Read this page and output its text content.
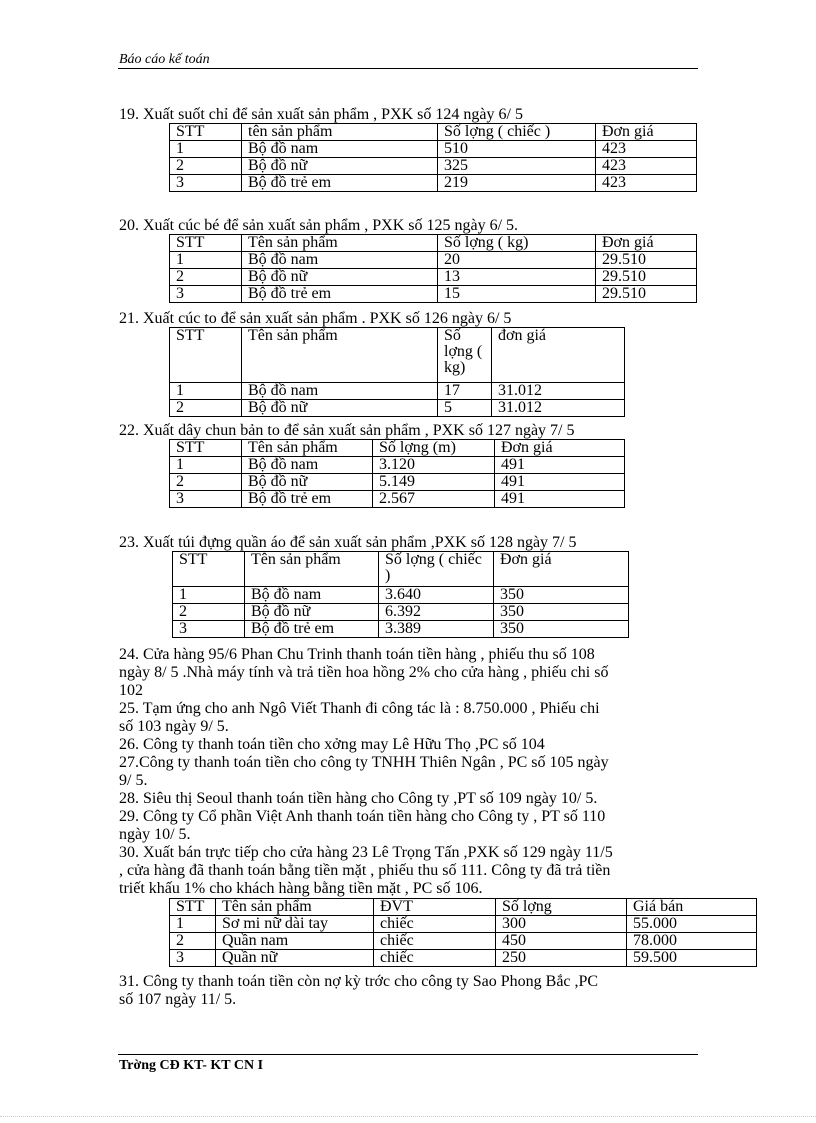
Báo cáo kế toán
19. Xuất suốt chỉ để sản xuất sản phẩm , PXK số 124 ngày 6/ 5
STT	tên sản phẩm	Số lợng ( chiếc )	Đơn giá
1	Bộ đồ nam	510	423
2	Bộ đồ nữ	325	423
3	Bộ đồ trẻ em	219	423
20. Xuất cúc bé để sản xuất sản phẩm , PXK số 125 ngày 6/ 5.
STT	Tên sản phẩm	Số lợng ( kg)	Đơn giá
1	Bộ đồ nam	20	29.510
2	Bộ đồ nữ	13	29.510
3	Bộ đồ trẻ em	15	29.510
21. Xuất cúc to để sản xuất sản phẩm . PXK số 126 ngày 6/ 5
STT	Tên sản phẩm	Số lợng ( kg)	đơn giá
1	Bộ đồ nam	17	31.012
2	Bộ đồ nữ	5	31.012
22. Xuất dây chun bản to để sản xuất sản phẩm , PXK số 127 ngày 7/ 5
STT	Tên sản phẩm	Số lợng (m)	Đơn giá
1	Bộ đồ nam	3.120	491
2	Bộ đồ nữ	5.149	491
3	Bộ đồ trẻ em	2.567	491
23. Xuất túi đựng quần áo để sản xuất sản phẩm ,PXK số 128 ngày 7/ 5
STT	Tên sản phẩm	Số lợng ( chiếc )	Đơn giá
1	Bộ đồ nam	3.640	350
2	Bộ đồ nữ	6.392	350
3	Bộ đồ trẻ em	3.389	350
24. Cửa hàng 95/6 Phan Chu Trinh thanh toán tiền hàng , phiếu thu số 108
ngày 8/ 5 .Nhà máy tính và trả tiền hoa hồng 2% cho cửa hàng , phiếu chi số
102
25. Tạm ứng cho anh Ngô Viết Thanh đi công tác là : 8.750.000 , Phiếu chi
số 103 ngày 9/ 5.
26. Công ty thanh toán tiền cho xởng may Lê Hữu Thọ ,PC số 104
27.Công ty thanh toán tiền cho công ty TNHH Thiên Ngân , PC số 105 ngày
9/ 5.
28. Siêu thị Seoul thanh toán tiền hàng cho Công ty ,PT số 109 ngày 10/ 5.
29. Công ty Cổ phần Việt Anh thanh toán tiền hàng cho Công ty , PT số 110
ngày 10/ 5.
30. Xuất bán trực tiếp cho cửa hàng 23 Lê Trọng Tấn ,PXK số 129 ngày 11/5
, cửa hàng đã thanh toán bằng tiền mặt , phiếu thu số 111. Công ty đã trả tiền
triết khấu 1% cho khách hàng bằng tiền mặt , PC số 106.
STT	Tên sản phẩm	ĐVT	Số lợng	Giá bán
1	Sơ mi nữ dài tay	chiếc	300	55.000
2	Quần nam	chiếc	450	78.000
3	Quần nữ	chiếc	250	59.500
31. Công ty thanh toán tiền còn nợ kỳ trớc cho công ty Sao Phong Bắc ,PC
số 107 ngày 11/ 5.
Trờng CĐ KT- KT CN I
